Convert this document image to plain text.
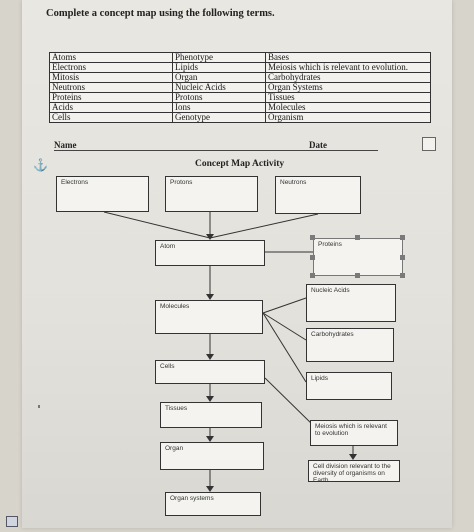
Complete a concept map using the following terms.
Atoms	Phenotype	Bases
Electrons	Lipids	Meiosis which is relevant to evolution.
Mitosis	Organ	Carbohydrates
Neutrons	Nucleic Acids	Organ Systems
Proteins	Protons	Tissues
Acids	Ions	Molecules
Cells	Genotype	Organism
Name	Date
⚓	Concept Map Activity
Electrons	Protons	Neutrons
Atom	Proteins
Nucleic Acids
Molecules
Carbohydrates
Cells
Lipids
Tissues
Meiosis which is relevant to evolution
Organ
Cell division relevant to the diversity of organisms on Earth.
Organ systems
